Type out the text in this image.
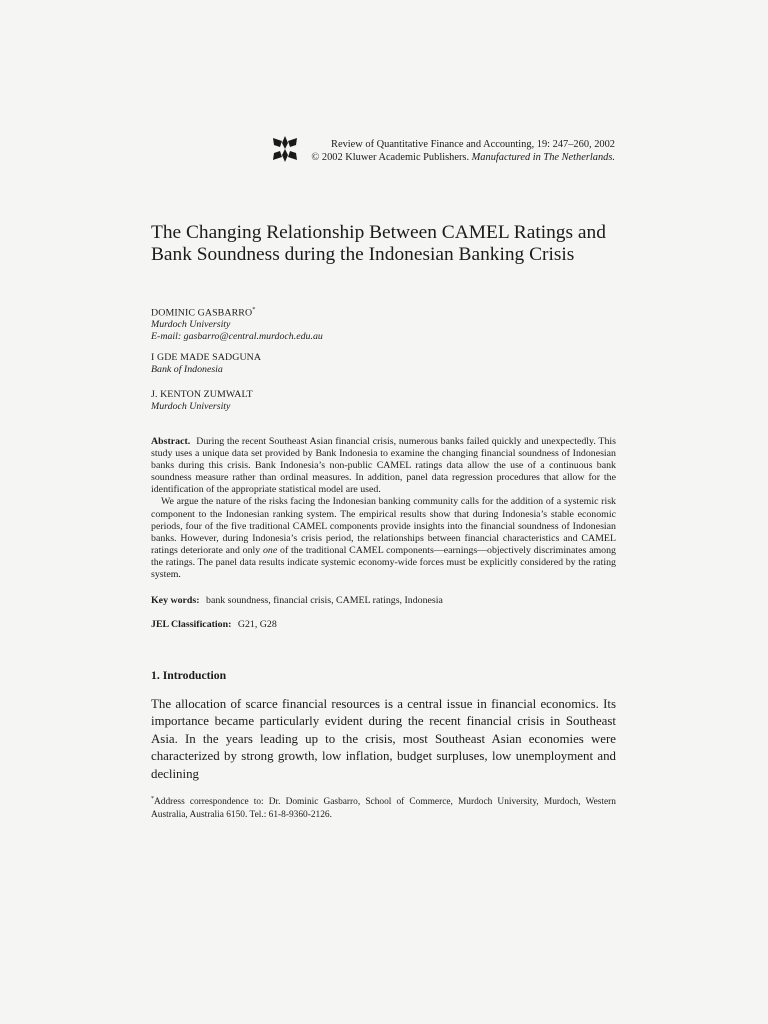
Review of Quantitative Finance and Accounting, 19: 247–260, 2002
© 2002 Kluwer Academic Publishers. Manufactured in The Netherlands.
The Changing Relationship Between CAMEL Ratings and Bank Soundness during the Indonesian Banking Crisis
DOMINIC GASBARRO*
Murdoch University
E-mail: gasbarro@central.murdoch.edu.au
I GDE MADE SADGUNA
Bank of Indonesia
J. KENTON ZUMWALT
Murdoch University

Abstract. During the recent Southeast Asian financial crisis, numerous banks failed quickly and unexpectedly. This study uses a unique data set provided by Bank Indonesia to examine the changing financial soundness of Indonesian banks during this crisis. Bank Indonesia’s non-public CAMEL ratings data allow the use of a continuous bank soundness measure rather than ordinal measures. In addition, panel data regression procedures that allow for the identification of the appropriate statistical model are used.

We argue the nature of the risks facing the Indonesian banking community calls for the addition of a systemic risk component to the Indonesian ranking system. The empirical results show that during Indonesia’s stable economic periods, four of the five traditional CAMEL components provide insights into the financial soundness of Indonesian banks. However, during Indonesia’s crisis period, the relationships between financial characteristics and CAMEL ratings deteriorate and only one of the traditional CAMEL components—earnings—objectively discriminates among the ratings. The panel data results indicate systemic economy-wide forces must be explicitly considered by the rating system.

Key words: bank soundness, financial crisis, CAMEL ratings, Indonesia
JEL Classification: G21, G28
1. Introduction

The allocation of scarce financial resources is a central issue in financial economics. Its importance became particularly evident during the recent financial crisis in Southeast Asia. In the years leading up to the crisis, most Southeast Asian economies were characterized by strong growth, low inflation, budget surpluses, low unemployment and declining

*Address correspondence to: Dr. Dominic Gasbarro, School of Commerce, Murdoch University, Murdoch, Western Australia, Australia 6150. Tel.: 61-8-9360-2126.
